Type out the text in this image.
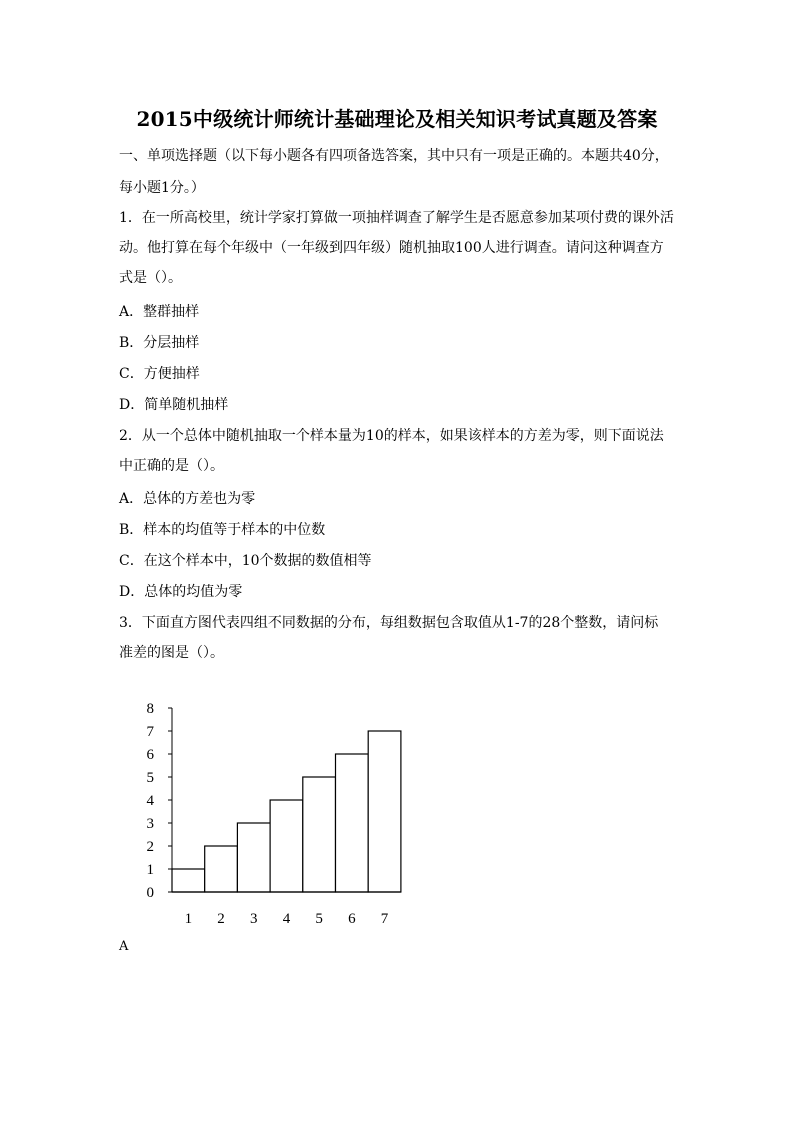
2015中级统计师统计基础理论及相关知识考试真题及答案
一、单项选择题（以下每小题各有四项备选答案，其中只有一项是正确的。本题共40分，
每小题1分。）
1．在一所高校里，统计学家打算做一项抽样调查了解学生是否愿意参加某项付费的课外活
动。他打算在每个年级中（一年级到四年级）随机抽取100人进行调查。请问这种调查方
式是（）。
A．整群抽样
B．分层抽样
C．方便抽样
D．简单随机抽样
2．从一个总体中随机抽取一个样本量为10的样本，如果该样本的方差为零，则下面说法
中正确的是（）。
A．总体的方差也为零
B．样本的均值等于样本的中位数
C．在这个样本中，10个数据的数值相等
D．总体的均值为零
3．下面直方图代表四组不同数据的分布，每组数据包含取值从1-7的28个整数，请问标
准差的图是（）。
0
1
2
3
4
5
6
7
8
1 2 3 4 5 6 7
A
